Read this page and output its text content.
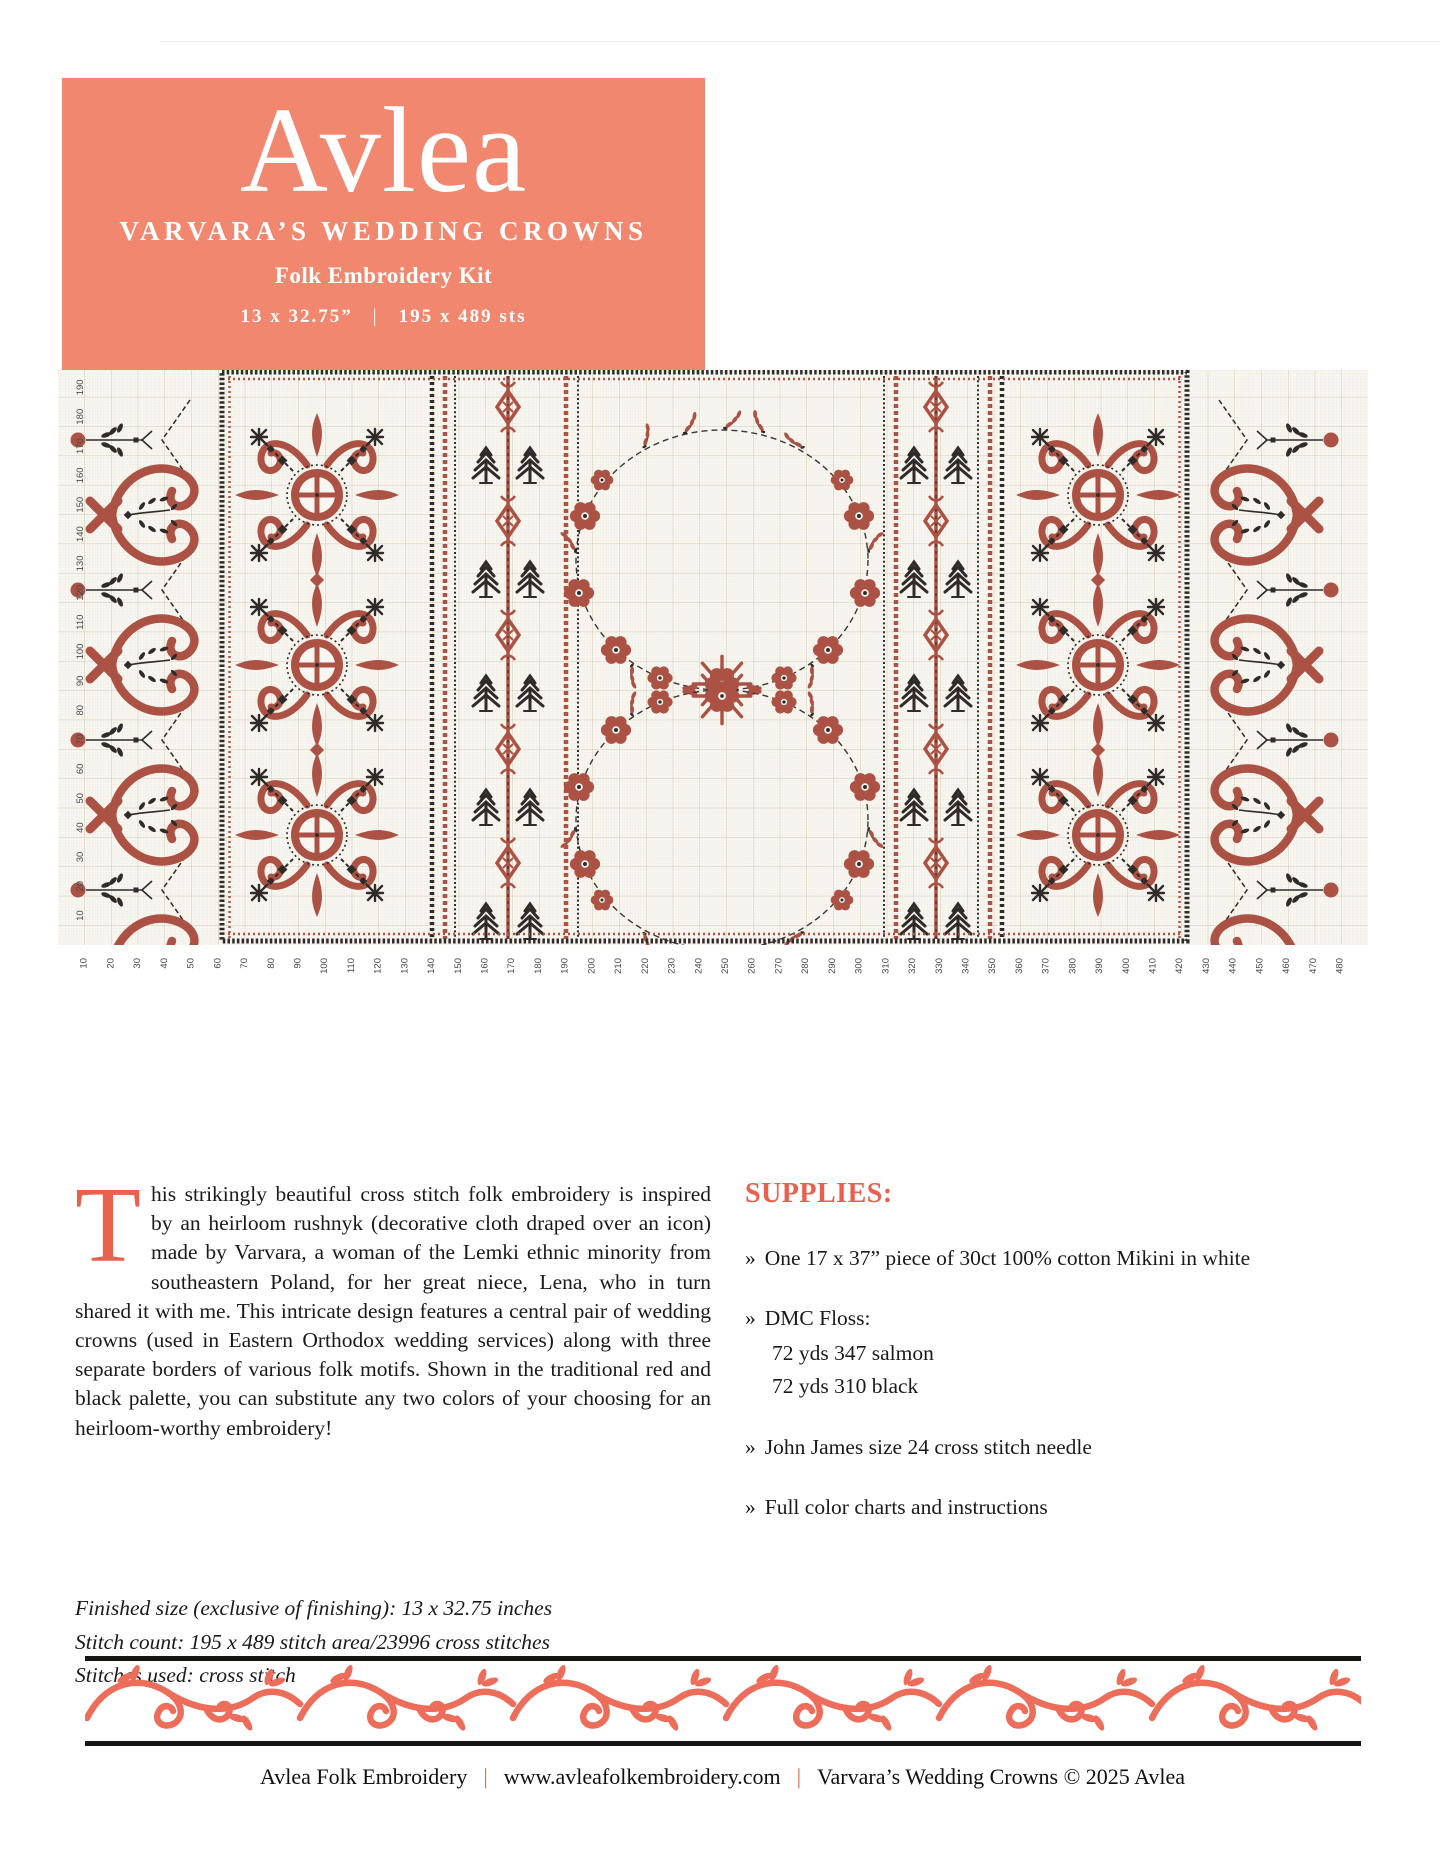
Avlea
VARVARA’S WEDDING CROWNS
Folk Embroidery Kit
13 x 32.75” | 195 x 489 sts
10 20 30 40 50 60 70 80 90 100 110 120 130 140 150 160 170 180 190 200 210 220 230 240 250 260 270 280 290 300 310 320 330 340 350 360 370 380 390 400 410 420 430 440 450 460 470 480
10
20
30
40
50
60
70
80
90
100
110
120
130
140
150
160
170
180
190
This strikingly beautiful cross stitch folk embroidery is inspired by an heirloom rushnyk (decorative cloth draped over an icon) made by Varvara, a woman of the Lemki ethnic minority from southeastern Poland, for her great niece, Lena, who in turn shared it with me. This intricate design features a central pair of wedding crowns (used in Eastern Orthodox wedding services) along with three separate borders of various folk motifs. Shown in the traditional red and black palette, you can substitute any two colors of your choosing for an heirloom-worthy embroidery!
Finished size (exclusive of finishing): 13 x 32.75 inches
Stitch count: 195 x 489 stitch area/23996 cross stitches
Stitches used: cross stitch
SUPPLIES:
» One 17 x 37” piece of 30ct 100% cotton Mikini in white
» DMC Floss:
72 yds 347 salmon
72 yds 310 black
» John James size 24 cross stitch needle
» Full color charts and instructions
Avlea Folk Embroidery | www.avleafolkembroidery.com | Varvara’s Wedding Crowns © 2025 Avlea
